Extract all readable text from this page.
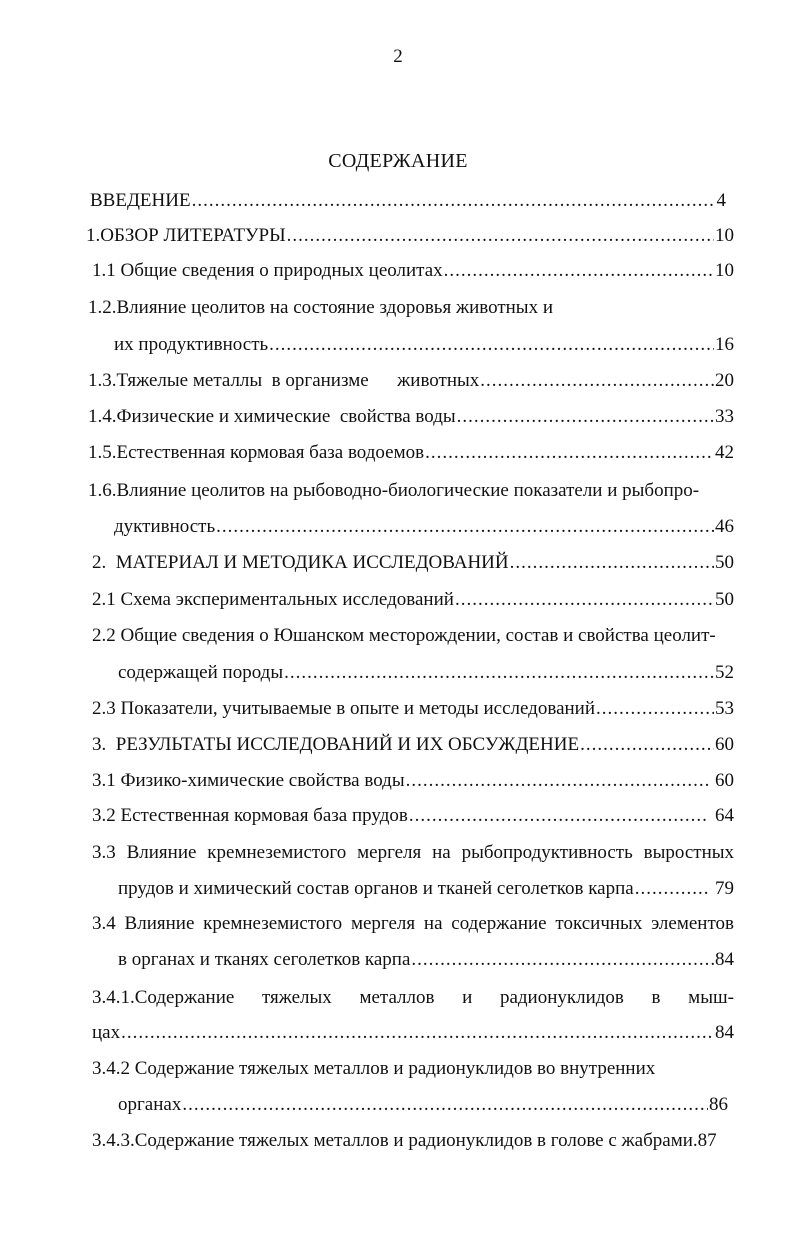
2
СОДЕРЖАНИЕ
ВВЕДЕНИЕ .....	4
1.ОБЗОР ЛИТЕРАТУРЫ .....	10
1.1 Общие сведения о природных цеолитах .....	10
1.2.Влияние цеолитов на состояние здоровья животных и
их продуктивность .....	16
1.3.Тяжелые металлы  в организме      животных .....	20
1.4.Физические и химические  свойства воды .....	33
1.5.Естественная кормовая база водоемов .....	42
1.6.Влияние цеолитов на рыбоводно-биологические показатели и рыбопро-
дуктивность .....	46
2.  МАТЕРИАЛ И МЕТОДИКА ИССЛЕДОВАНИЙ .....	50
2.1 Схема экспериментальных исследований .....	50
2.2 Общие сведения о Юшанском месторождении, состав и свойства цеолит-
содержащей породы .....	52
2.3 Показатели, учитываемые в опыте и методы исследований .....	53
3.  РЕЗУЛЬТАТЫ ИССЛЕДОВАНИЙ И ИХ ОБСУЖДЕНИЕ .....	60
3.1 Физико-химические свойства воды .....	60
3.2 Естественная кормовая база прудов .....	64
3.3 Влияние кремнеземистого мергеля на рыбопродуктивность выростных
прудов и химический состав органов и тканей сеголетков карпа .....	79
3.4 Влияние кремнеземистого мергеля на содержание токсичных элементов
в органах и тканях сеголетков карпа .....	84
3.4.1.Содержание тяжелых металлов и радионуклидов в мыш-
цах .....	84
3.4.2 Содержание тяжелых металлов и радионуклидов во внутренних
органах .....	86
3.4.3.Содержание тяжелых металлов и радионуклидов в голове с жабрами. 87
